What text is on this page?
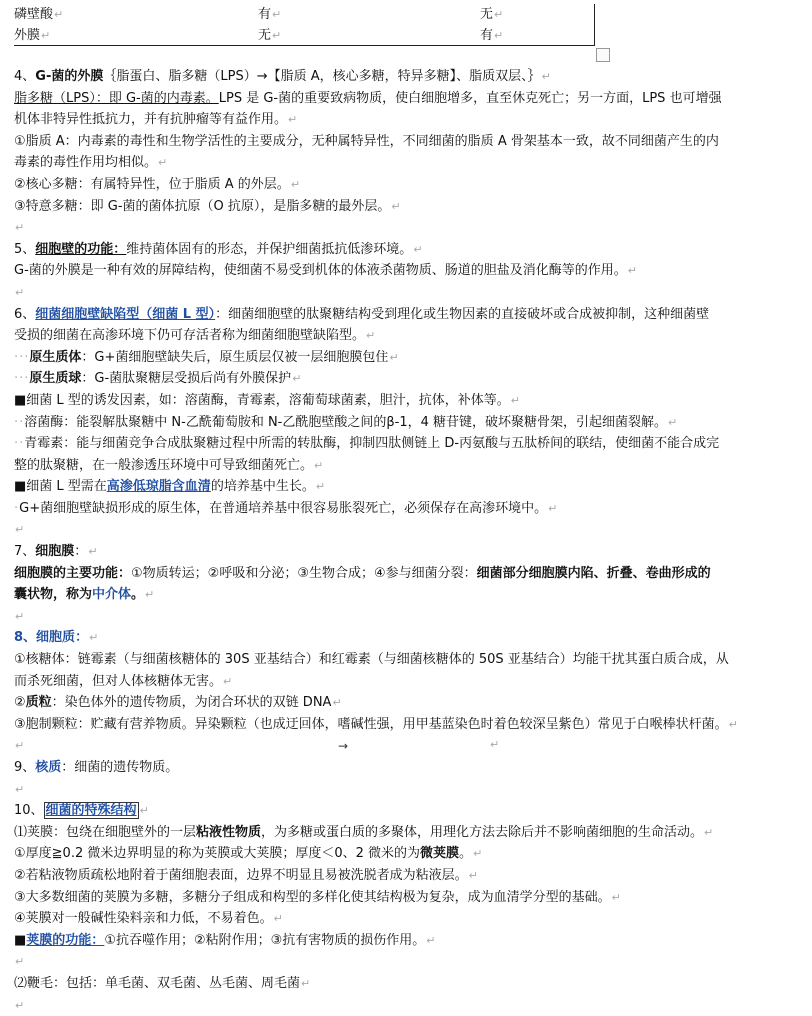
磷壁酸↵	有↵	无↵
外膜↵	无↵	有↵
4、G-菌的外膜｛脂蛋白、脂多糖（LPS）→【脂质 A，核心多糖，特异多糖】、脂质双层、｝↵
脂多糖（LPS）：即 G-菌的内毒素。LPS 是 G-菌的重要致病物质，使白细胞增多，直至休克死亡；另一方面，LPS 也可增强
机体非特异性抵抗力，并有抗肿瘤等有益作用。↵
①脂质 A：内毒素的毒性和生物学活性的主要成分，无种属特异性，不同细菌的脂质 A 骨架基本一致，故不同细菌产生的内
毒素的毒性作用均相似。↵
②核心多糖：有属特异性，位于脂质 A 的外层。↵
③特意多糖：即 G-菌的菌体抗原（O 抗原），是脂多糖的最外层。↵
↵
5、细胞壁的功能：维持菌体固有的形态，并保护细菌抵抗低渗环境。↵
G-菌的外膜是一种有效的屏障结构，使细菌不易受到机体的体液杀菌物质、肠道的胆盐及消化酶等的作用。↵
↵
6、细菌细胞壁缺陷型（细菌 L 型）：细菌细胞壁的肽聚糖结构受到理化或生物因素的直接破坏或合成被抑制，这种细菌壁
受损的细菌在高渗环境下仍可存活者称为细菌细胞壁缺陷型。↵
···原生质体：G+菌细胞壁缺失后，原生质层仅被一层细胞膜包住↵
···原生质球：G-菌肽聚糖层受损后尚有外膜保护↵
■细菌 L 型的诱发因素，如：溶菌酶，青霉素，溶葡萄球菌素，胆汁，抗体，补体等。↵
··溶菌酶：能裂解肽聚糖中 N-乙酰葡萄胺和 N-乙酰胞壁酸之间的β-1，4 糖苷键，破坏聚糖骨架，引起细菌裂解。↵
··青霉素：能与细菌竞争合成肽聚糖过程中所需的转肽酶，抑制四肽侧链上 D-丙氨酸与五肽桥间的联结，使细菌不能合成完
整的肽聚糖，在一般渗透压环境中可导致细菌死亡。↵
■细菌 L 型需在高渗低琼脂含血清的培养基中生长。↵
·G+菌细胞壁缺损形成的原生体，在普通培养基中很容易胀裂死亡，必须保存在高渗环境中。↵
↵
7、细胞膜：↵
细胞膜的主要功能：①物质转运；②呼吸和分泌；③生物合成；④参与细菌分裂：细菌部分细胞膜内陷、折叠、卷曲形成的
囊状物，称为中介体。↵
↵
8、细胞质：↵
①核糖体：链霉素（与细菌核糖体的 30S 亚基结合）和红霉素（与细菌核糖体的 50S 亚基结合）均能干扰其蛋白质合成，从
而杀死细菌，但对人体核糖体无害。↵
②质粒：染色体外的遗传物质，为闭合环状的双链 DNA↵
③胞制颗粒：贮藏有营养物质。异染颗粒（也成迂回体，嗜碱性强，用甲基蓝染色时着色较深呈紫色）常见于白喉棒状杆菌。↵
↵
9、核质：细菌的遗传物质。
↵
10、 细菌的特殊结构 ↵
⑴荚膜：包绕在细胞壁外的一层粘液性物质，为多糖或蛋白质的多聚体，用理化方法去除后并不影响菌细胞的生命活动。↵
①厚度≧0.2 微米边界明显的称为荚膜或大荚膜；厚度＜0、2 微米的为微荚膜。↵
②若粘液物质疏松地附着于菌细胞表面，边界不明显且易被洗脱者成为粘液层。↵
③大多数细菌的荚膜为多糖，多糖分子组成和构型的多样化使其结构极为复杂，成为血清学分型的基础。↵
④荚膜对一般碱性染料亲和力低，不易着色。↵
■荚膜的功能：①抗吞噬作用；②粘附作用；③抗有害物质的损伤作用。↵
↵
⑵鞭毛：包括：单毛菌、双毛菌、丛毛菌、周毛菌↵
↵
→	↵
